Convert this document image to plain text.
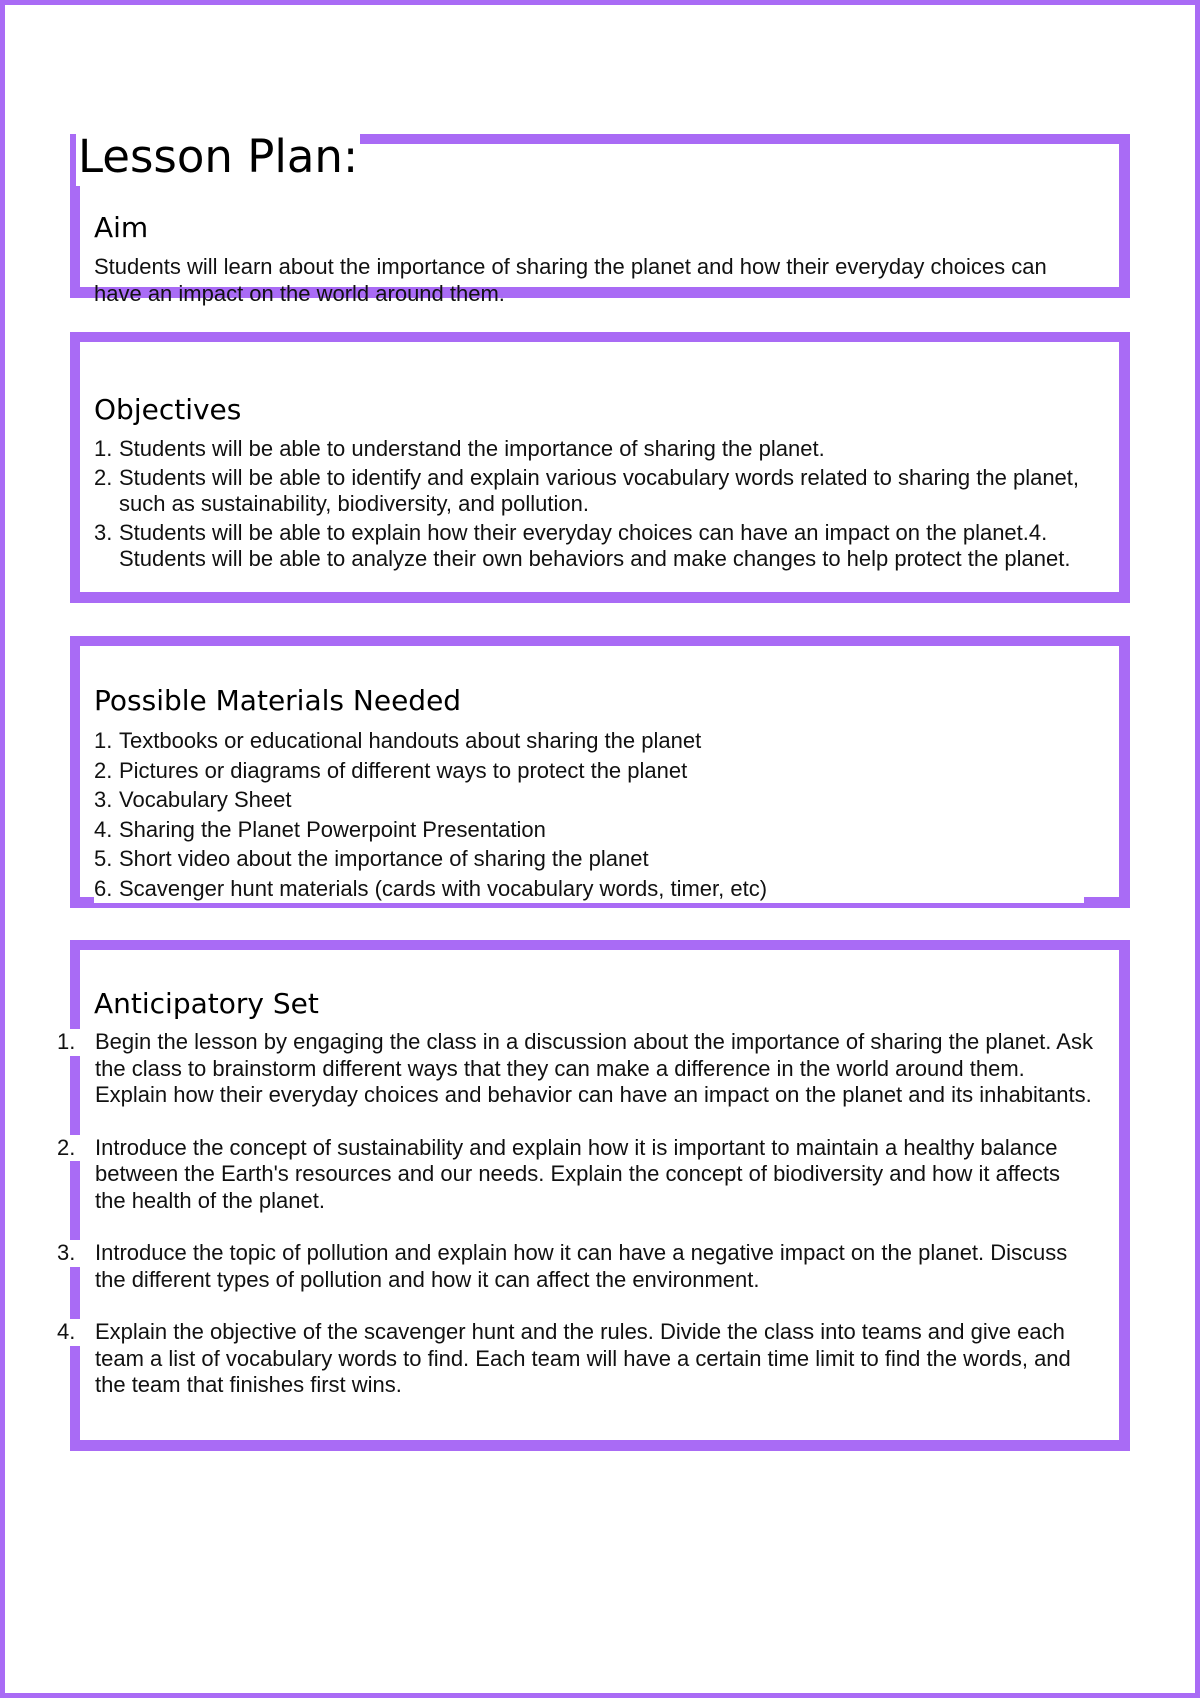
Lesson Plan:
Aim

Students will learn about the importance of sharing the planet and how their everyday choices can have an impact on the world around them.

Objectives
1. Students will be able to understand the importance of sharing the planet.
2. Students will be able to identify and explain various vocabulary words related to sharing the planet, such as sustainability, biodiversity, and pollution.
3. Students will be able to explain how their everyday choices can have an impact on the planet.4. Students will be able to analyze their own behaviors and make changes to help protect the planet.
Possible Materials Needed
1. Textbooks or educational handouts about sharing the planet
2. Pictures or diagrams of different ways to protect the planet
3. Vocabulary Sheet
4. Sharing the Planet Powerpoint Presentation
5. Short video about the importance of sharing the planet
6. Scavenger hunt materials (cards with vocabulary words, timer, etc)
Anticipatory Set
1. Begin the lesson by engaging the class in a discussion about the importance of sharing the planet. Ask the class to brainstorm different ways that they can make a difference in the world around them. Explain how their everyday choices and behavior can have an impact on the planet and its inhabitants.
2. Introduce the concept of sustainability and explain how it is important to maintain a healthy balance between the Earth's resources and our needs. Explain the concept of biodiversity and how it affects the health of the planet.
3. Introduce the topic of pollution and explain how it can have a negative impact on the planet. Discuss the different types of pollution and how it can affect the environment.
4. Explain the objective of the scavenger hunt and the rules. Divide the class into teams and give each team a list of vocabulary words to find. Each team will have a certain time limit to find the words, and the team that finishes first wins.
